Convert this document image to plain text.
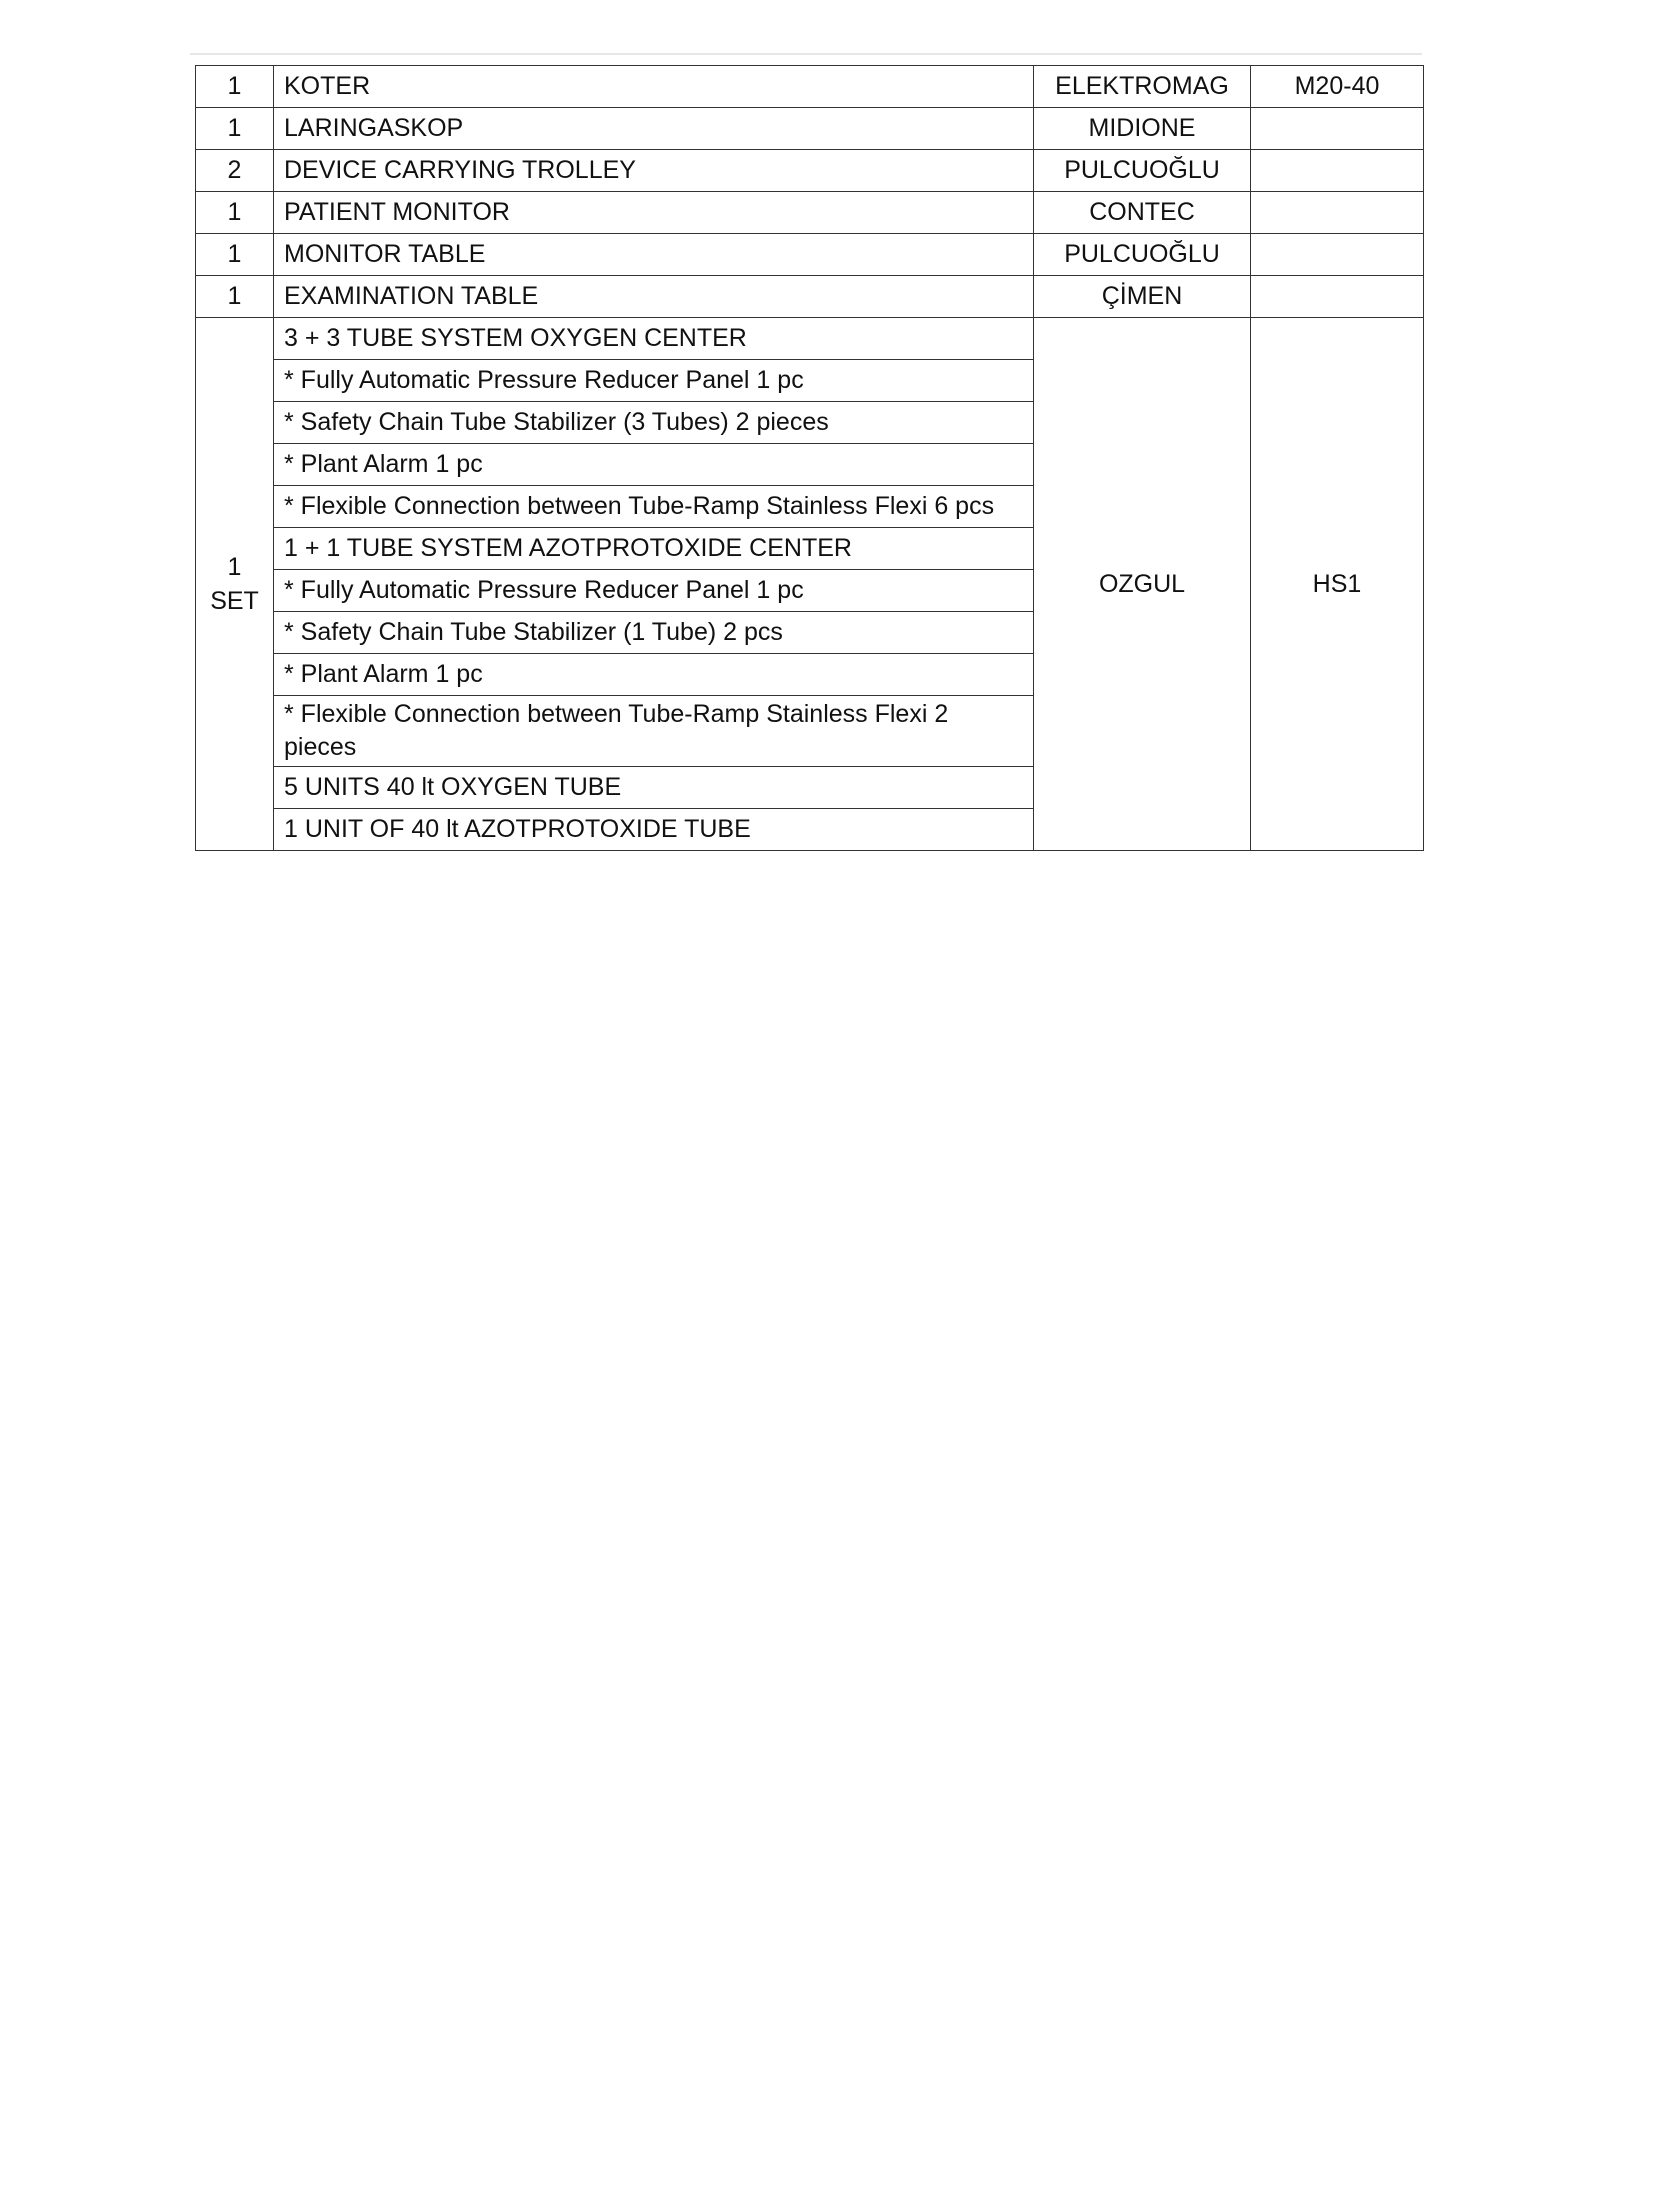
1	KOTER	ELEKTROMAG	M20-40
1	LARINGASKOP	MIDIONE	
2	DEVICE CARRYING TROLLEY	PULCUOĞLU	
1	PATIENT MONITOR	CONTEC	
1	MONITOR TABLE	PULCUOĞLU	
1	EXAMINATION TABLE	ÇİMEN	

1
SET	3 + 3 TUBE SYSTEM OXYGEN CENTER	OZGUL	HS1
	* Fully Automatic Pressure Reducer Panel 1 pc		
	* Safety Chain Tube Stabilizer (3 Tubes) 2 pieces		
	* Plant Alarm 1 pc		
	* Flexible Connection between Tube-Ramp Stainless Flexi 6 pcs		
	1 + 1 TUBE SYSTEM AZOTPROTOXIDE CENTER		
	* Fully Automatic Pressure Reducer Panel 1 pc		
	* Safety Chain Tube Stabilizer (1 Tube) 2 pcs		
	* Plant Alarm 1 pc		
	* Flexible Connection between Tube-Ramp Stainless Flexi 2 pieces		
	5 UNITS 40 lt OXYGEN TUBE		
	1 UNIT OF 40 lt AZOTPROTOXIDE TUBE		
